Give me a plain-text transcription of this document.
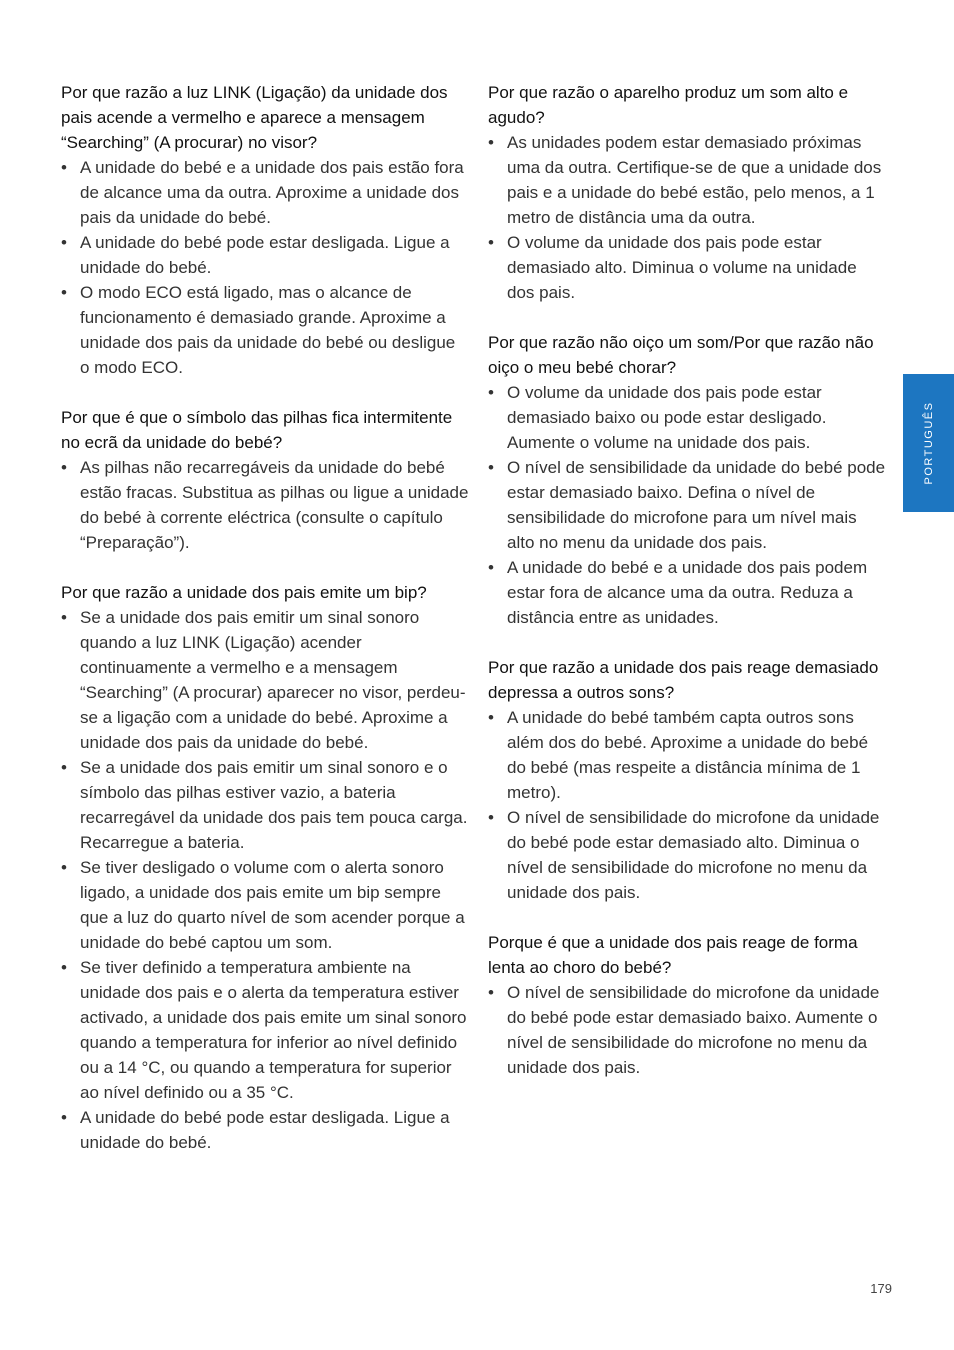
Por que razão a luz LINK (Ligação) da unidade dos pais acende a vermelho e aparece a mensagem “Searching” (A procurar) no visor?

• A unidade do bebé e a unidade dos pais estão fora de alcance uma da outra. Aproxime a unidade dos pais da unidade do bebé.
• A unidade do bebé pode estar desligada. Ligue a unidade do bebé.
• O modo ECO está ligado, mas o alcance de funcionamento é demasiado grande. Aproxime a unidade dos pais da unidade do bebé ou desligue o modo ECO.

Por que é que o símbolo das pilhas fica intermitente no ecrã da unidade do bebé?

• As pilhas não recarregáveis da unidade do bebé estão fracas. Substitua as pilhas ou ligue a unidade do bebé à corrente eléctrica (consulte o capítulo “Preparação”).

Por que razão a unidade dos pais emite um bip?

• Se a unidade dos pais emitir um sinal sonoro quando a luz LINK (Ligação) acender continuamente a vermelho e a mensagem “Searching” (A procurar) aparecer no visor, perdeu-se a ligação com a unidade do bebé. Aproxime a unidade dos pais da unidade do bebé.
• Se a unidade dos pais emitir um sinal sonoro e o símbolo das pilhas estiver vazio, a bateria recarregável da unidade dos pais tem pouca carga. Recarregue a bateria.
• Se tiver desligado o volume com o alerta sonoro ligado, a unidade dos pais emite um bip sempre que a luz do quarto nível de som acender porque a unidade do bebé captou um som.
• Se tiver definido a temperatura ambiente na unidade dos pais e o alerta da temperatura estiver activado, a unidade dos pais emite um sinal sonoro quando a temperatura for inferior ao nível definido ou a 14 °C, ou quando a temperatura for superior ao nível definido ou a 35 °C.
• A unidade do bebé pode estar desligada. Ligue a unidade do bebé.

Por que razão o aparelho produz um som alto e agudo?

• As unidades podem estar demasiado próximas uma da outra. Certifique-se de que a unidade dos pais e a unidade do bebé estão, pelo menos, a 1 metro de distância uma da outra.
• O volume da unidade dos pais pode estar demasiado alto. Diminua o volume na unidade dos pais.

Por que razão não oiço um som/Por que razão não oiço o meu bebé chorar?

• O volume da unidade dos pais pode estar demasiado baixo ou pode estar desligado. Aumente o volume na unidade dos pais.
• O nível de sensibilidade da unidade do bebé pode estar demasiado baixo. Defina o nível de sensibilidade do microfone para um nível mais alto no menu da unidade dos pais.
• A unidade do bebé e a unidade dos pais podem estar fora de alcance uma da outra. Reduza a distância entre as unidades.

Por que razão a unidade dos pais reage demasiado depressa a outros sons?

• A unidade do bebé também capta outros sons além dos do bebé. Aproxime a unidade do bebé do bebé (mas respeite a distância mínima de 1 metro).
• O nível de sensibilidade do microfone da unidade do bebé pode estar demasiado alto. Diminua o nível de sensibilidade do microfone no menu da unidade dos pais.

Porque é que a unidade dos pais reage de forma lenta ao choro do bebé?

• O nível de sensibilidade do microfone da unidade do bebé pode estar demasiado baixo. Aumente o nível de sensibilidade do microfone no menu da unidade dos pais.
PORTUGUÊS
179
